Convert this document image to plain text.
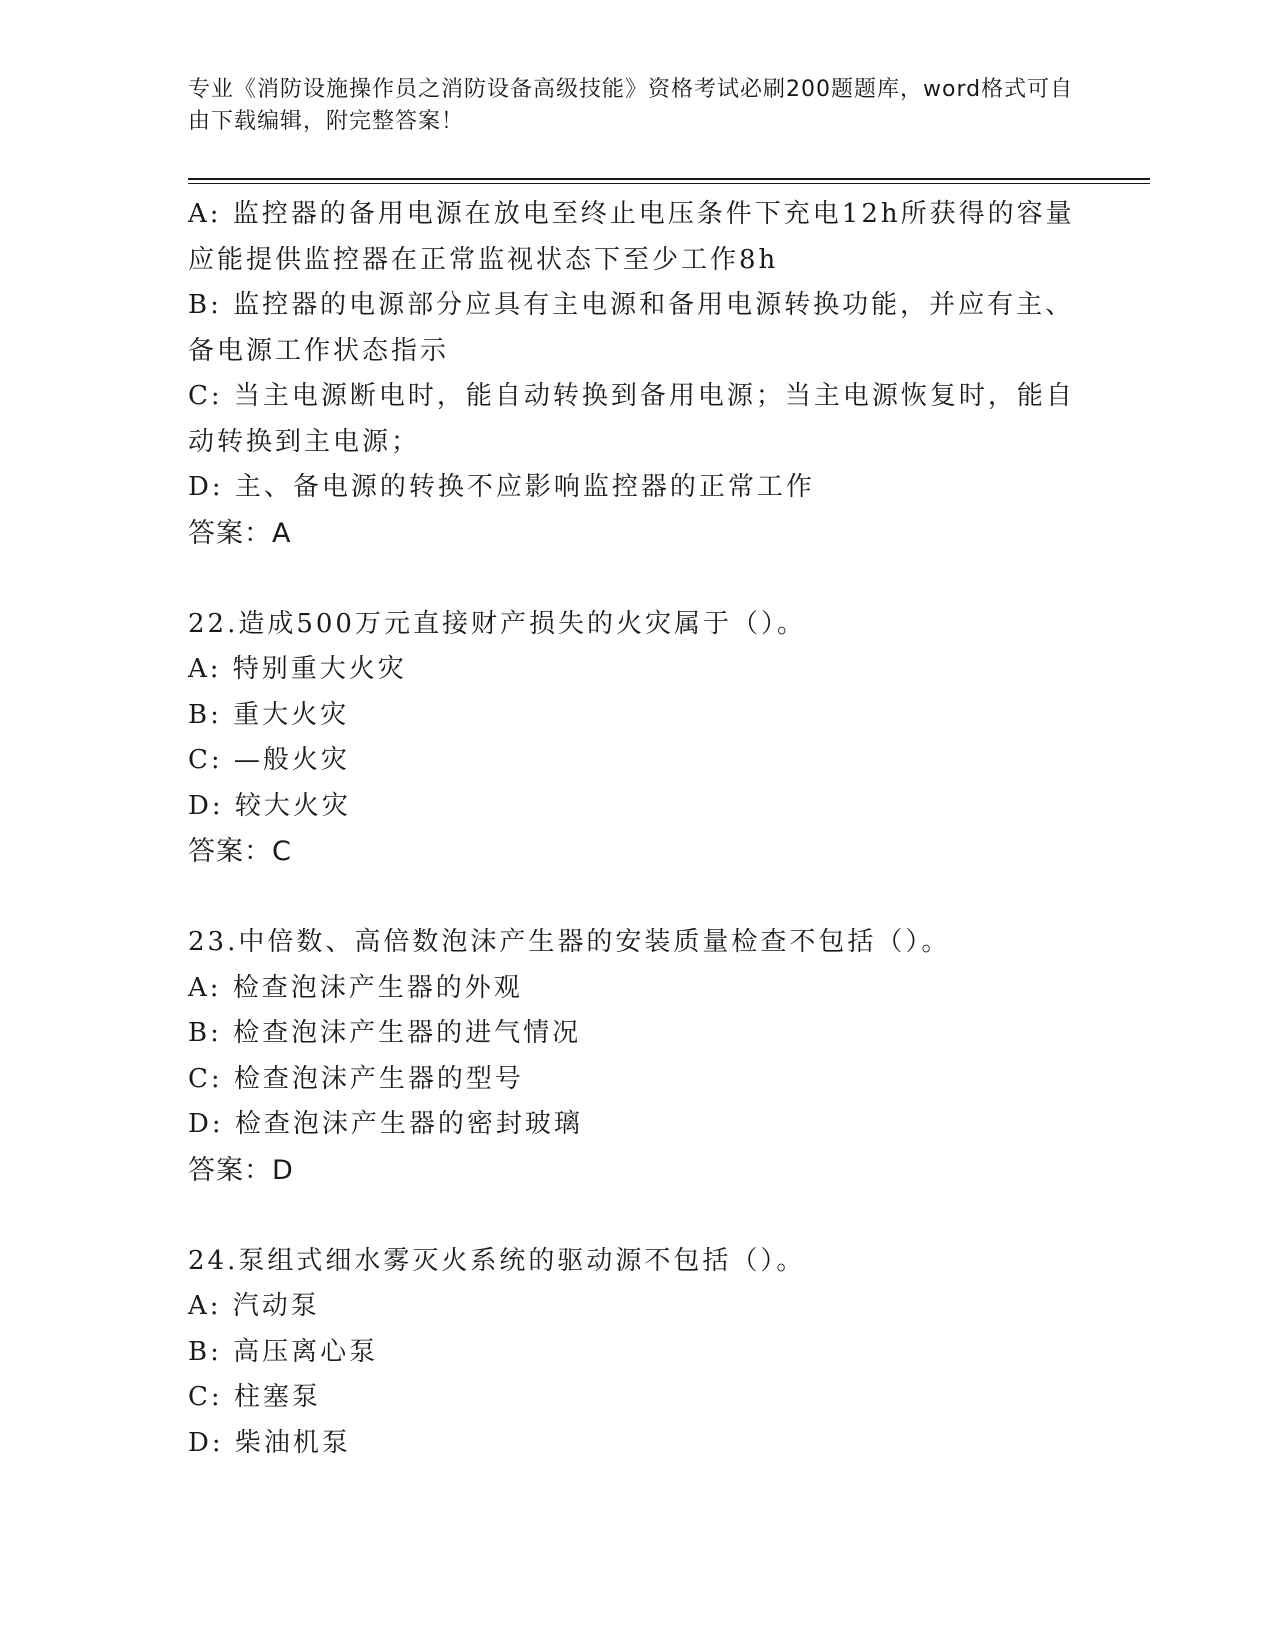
专业《消防设施操作员之消防设备高级技能》资格考试必刷200题题库，word格式可自由下载编辑，附完整答案！
A: 监控器的备用电源在放电至终止电压条件下充电12h所获得的容量应能提供监控器在正常监视状态下至少工作8h
B: 监控器的电源部分应具有主电源和备用电源转换功能，并应有主、备电源工作状态指示
C: 当主电源断电时，能自动转换到备用电源；当主电源恢复时，能自动转换到主电源；
D: 主、备电源的转换不应影响监控器的正常工作
答案：A
22.造成500万元直接财产损失的火灾属于（）。
A: 特别重大火灾
B: 重大火灾
C: —般火灾
D: 较大火灾
答案：C
23.中倍数、高倍数泡沫产生器的安装质量检查不包括（）。
A: 检查泡沫产生器的外观
B: 检查泡沫产生器的进气情况
C: 检查泡沫产生器的型号
D: 检查泡沫产生器的密封玻璃
答案：D
24.泵组式细水雾灭火系统的驱动源不包括（）。
A: 汽动泵
B: 高压离心泵
C: 柱塞泵
D: 柴油机泵
